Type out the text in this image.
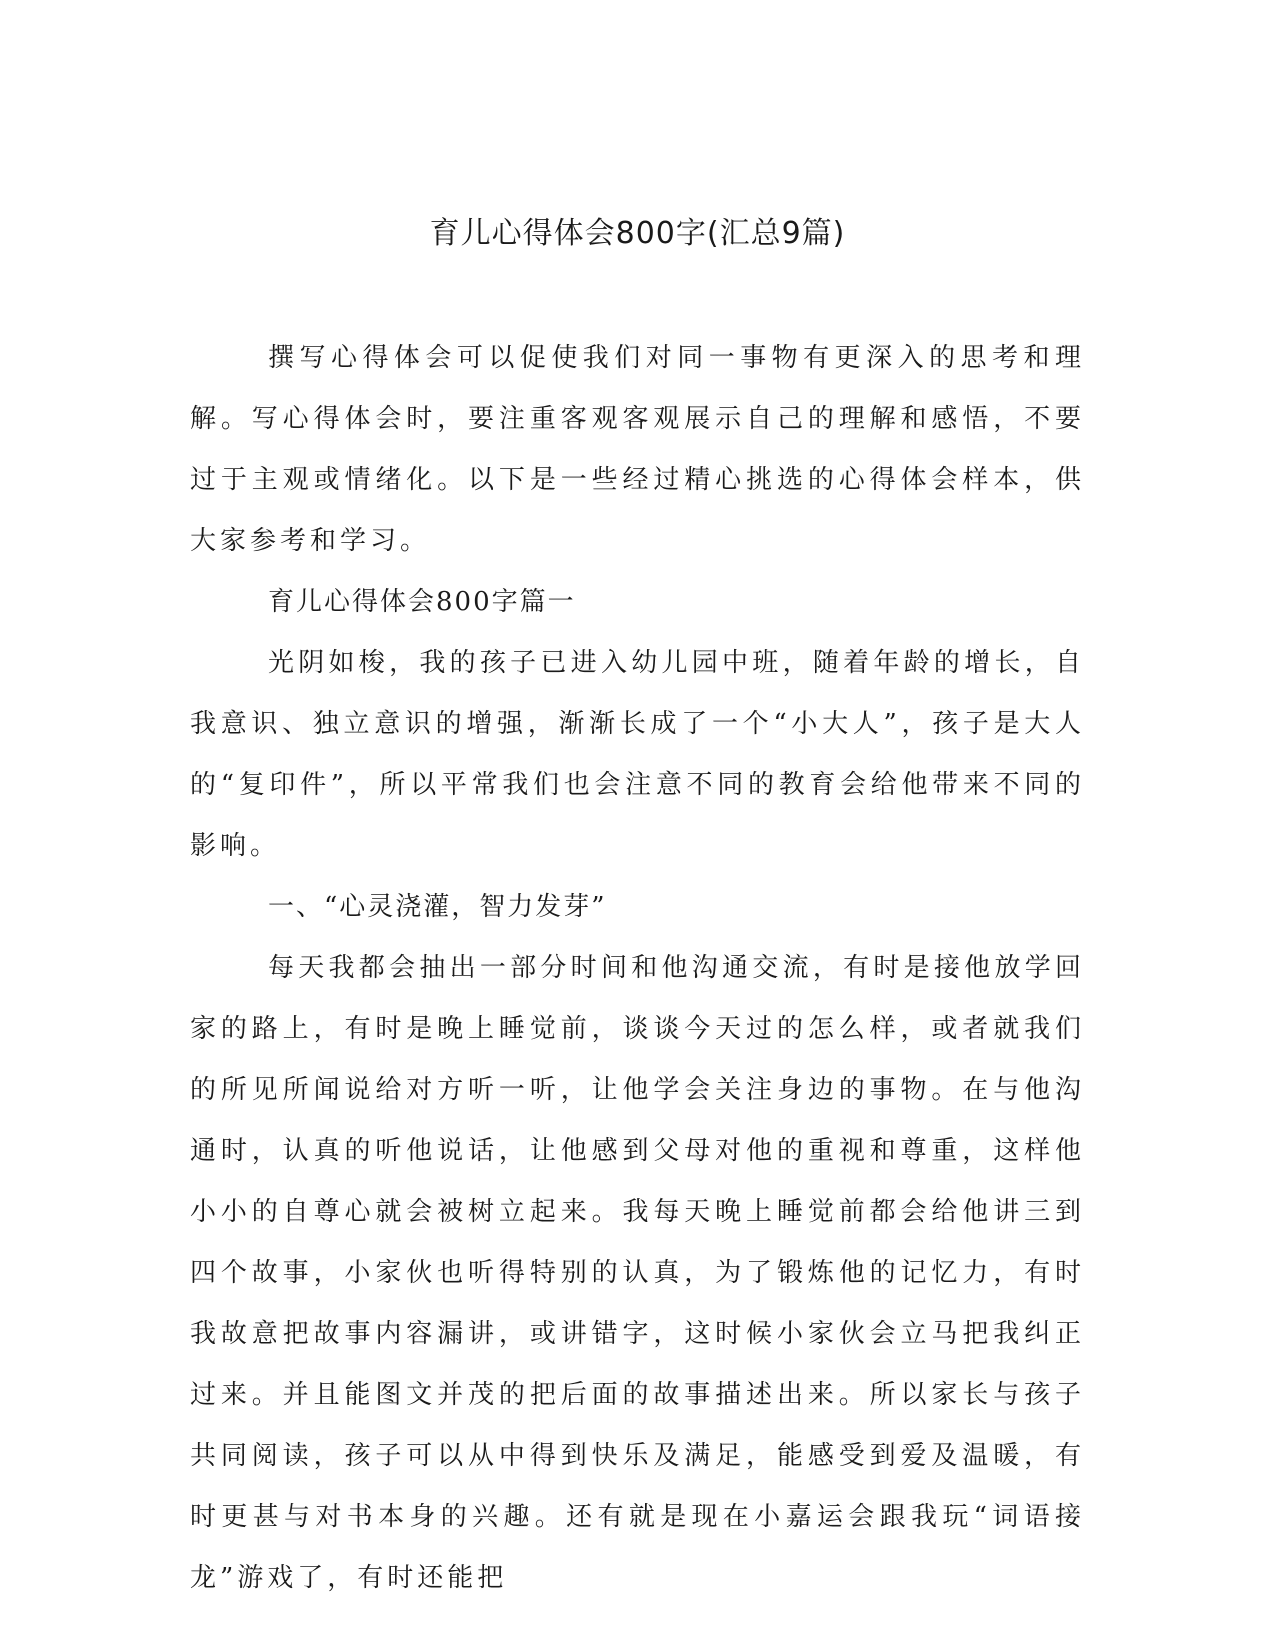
育儿心得体会800字(汇总9篇)

撰写心得体会可以促使我们对同一事物有更深入的思考和理解。写心得体会时，要注重客观客观展示自己的理解和感悟，不要过于主观或情绪化。以下是一些经过精心挑选的心得体会样本，供大家参考和学习。

育儿心得体会800字篇一

光阴如梭，我的孩子已进入幼儿园中班，随着年龄的增长，自我意识、独立意识的增强，渐渐长成了一个“小大人”，孩子是大人的“复印件”，所以平常我们也会注意不同的教育会给他带来不同的影响。

一、“心灵浇灌，智力发芽”

每天我都会抽出一部分时间和他沟通交流，有时是接他放学回家的路上，有时是晚上睡觉前，谈谈今天过的怎么样，或者就我们的所见所闻说给对方听一听，让他学会关注身边的事物。在与他沟通时，认真的听他说话，让他感到父母对他的重视和尊重，这样他小小的自尊心就会被树立起来。我每天晚上睡觉前都会给他讲三到四个故事，小家伙也听得特别的认真，为了锻炼他的记忆力，有时我故意把故事内容漏讲，或讲错字，这时候小家伙会立马把我纠正过来。并且能图文并茂的把后面的故事描述出来。所以家长与孩子共同阅读，孩子可以从中得到快乐及满足，能感受到爱及温暖，有时更甚与对书本身的兴趣。还有就是现在小嘉运会跟我玩“词语接龙”游戏了，有时还能把
